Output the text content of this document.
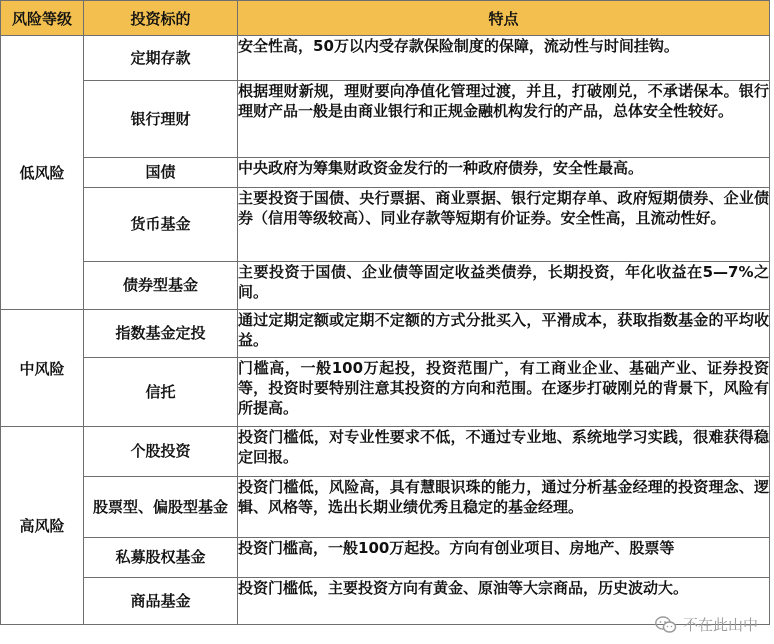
风险等级	投资标的	特点
低风险	定期存款	安全性高，50万以内受存款保险制度的保障，流动性与时间挂钩。
	银行理财	根据理财新规，理财要向净值化管理过渡，并且，打破刚兑，不承诺保本。银行理财产品一般是由商业银行和正规金融机构发行的产品，总体安全性较好。
	国债	中央政府为筹集财政资金发行的一种政府债券，安全性最高。
	货币基金	主要投资于国债、央行票据、商业票据、银行定期存单、政府短期债券、企业债券（信用等级较高）、同业存款等短期有价证券。安全性高，且流动性好。
	债券型基金	主要投资于国债、企业债等固定收益类债券，长期投资，年化收益在5—7%之间。
中风险	指数基金定投	通过定期定额或定期不定额的方式分批买入，平滑成本，获取指数基金的平均收益。
	信托	门槛高，一般100万起投，投资范围广，有工商业企业、基础产业、证券投资等，投资时要特别注意其投资的方向和范围。在逐步打破刚兑的背景下，风险有所提高。
高风险	个股投资	投资门槛低，对专业性要求不低，不通过专业地、系统地学习实践，很难获得稳定回报。
	股票型、偏股型基金	投资门槛低，风险高，具有慧眼识珠的能力，通过分析基金经理的投资理念、逻辑、风格等，选出长期业绩优秀且稳定的基金经理。
	私募股权基金	投资门槛高，一般100万起投。方向有创业项目、房地产、股票等
	商品基金	投资门槛低，主要投资方向有黄金、原油等大宗商品，历史波动大。
不在此山中
